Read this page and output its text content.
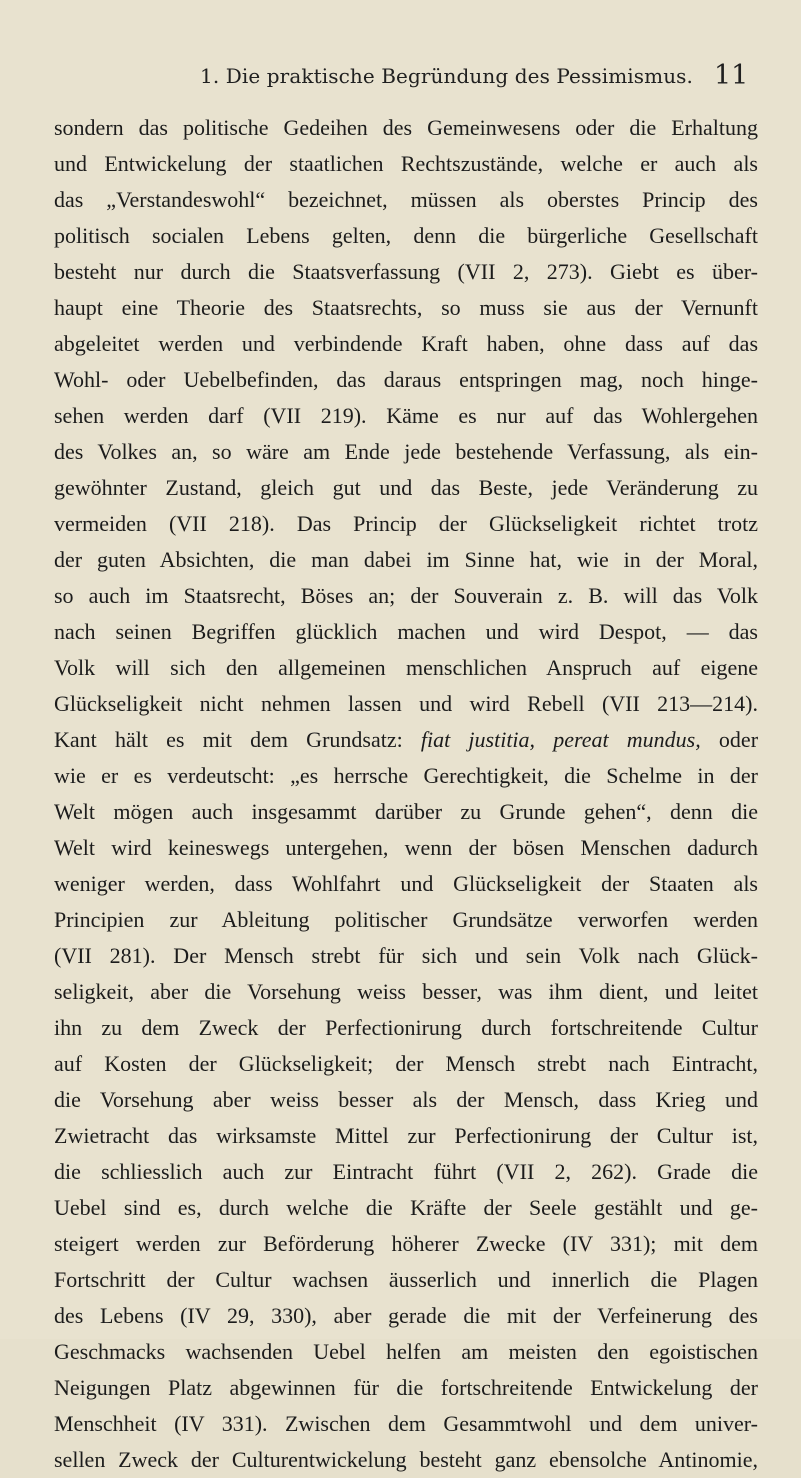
1. Die praktische Begründung des Pessimismus. 11
sondern das politische Gedeihen des Gemeinwesens oder die Erhaltung
und Entwickelung der staatlichen Rechtszustände, welche er auch als
das „Verstandeswohl“ bezeichnet, müssen als oberstes Princip des
politisch socialen Lebens gelten, denn die bürgerliche Gesellschaft
besteht nur durch die Staatsverfassung (VII 2, 273). Giebt es über-
haupt eine Theorie des Staatsrechts, so muss sie aus der Vernunft
abgeleitet werden und verbindende Kraft haben, ohne dass auf das
Wohl- oder Uebelbefinden, das daraus entspringen mag, noch hinge-
sehen werden darf (VII 219). Käme es nur auf das Wohlergehen
des Volkes an, so wäre am Ende jede bestehende Verfassung, als ein-
gewöhnter Zustand, gleich gut und das Beste, jede Veränderung zu
vermeiden (VII 218). Das Princip der Glückseligkeit richtet trotz
der guten Absichten, die man dabei im Sinne hat, wie in der Moral,
so auch im Staatsrecht, Böses an; der Souverain z. B. will das Volk
nach seinen Begriffen glücklich machen und wird Despot, — das
Volk will sich den allgemeinen menschlichen Anspruch auf eigene
Glückseligkeit nicht nehmen lassen und wird Rebell (VII 213—214).
Kant hält es mit dem Grundsatz: fiat justitia, pereat mundus, oder
wie er es verdeutscht: „es herrsche Gerechtigkeit, die Schelme in der
Welt mögen auch insgesammt darüber zu Grunde gehen“, denn die
Welt wird keineswegs untergehen, wenn der bösen Menschen dadurch
weniger werden, dass Wohlfahrt und Glückseligkeit der Staaten als
Principien zur Ableitung politischer Grundsätze verworfen werden
(VII 281). Der Mensch strebt für sich und sein Volk nach Glück-
seligkeit, aber die Vorsehung weiss besser, was ihm dient, und leitet
ihn zu dem Zweck der Perfectionirung durch fortschreitende Cultur
auf Kosten der Glückseligkeit; der Mensch strebt nach Eintracht,
die Vorsehung aber weiss besser als der Mensch, dass Krieg und
Zwietracht das wirksamste Mittel zur Perfectionirung der Cultur ist,
die schliesslich auch zur Eintracht führt (VII 2, 262). Grade die
Uebel sind es, durch welche die Kräfte der Seele gestählt und ge-
steigert werden zur Beförderung höherer Zwecke (IV 331); mit dem
Fortschritt der Cultur wachsen äusserlich und innerlich die Plagen
des Lebens (IV 29, 330), aber gerade die mit der Verfeinerung des
Geschmacks wachsenden Uebel helfen am meisten den egoistischen
Neigungen Platz abgewinnen für die fortschreitende Entwickelung der
Menschheit (IV 331). Zwischen dem Gesammtwohl und dem univer-
sellen Zweck der Culturentwickelung besteht ganz ebensolche Antinomie,
